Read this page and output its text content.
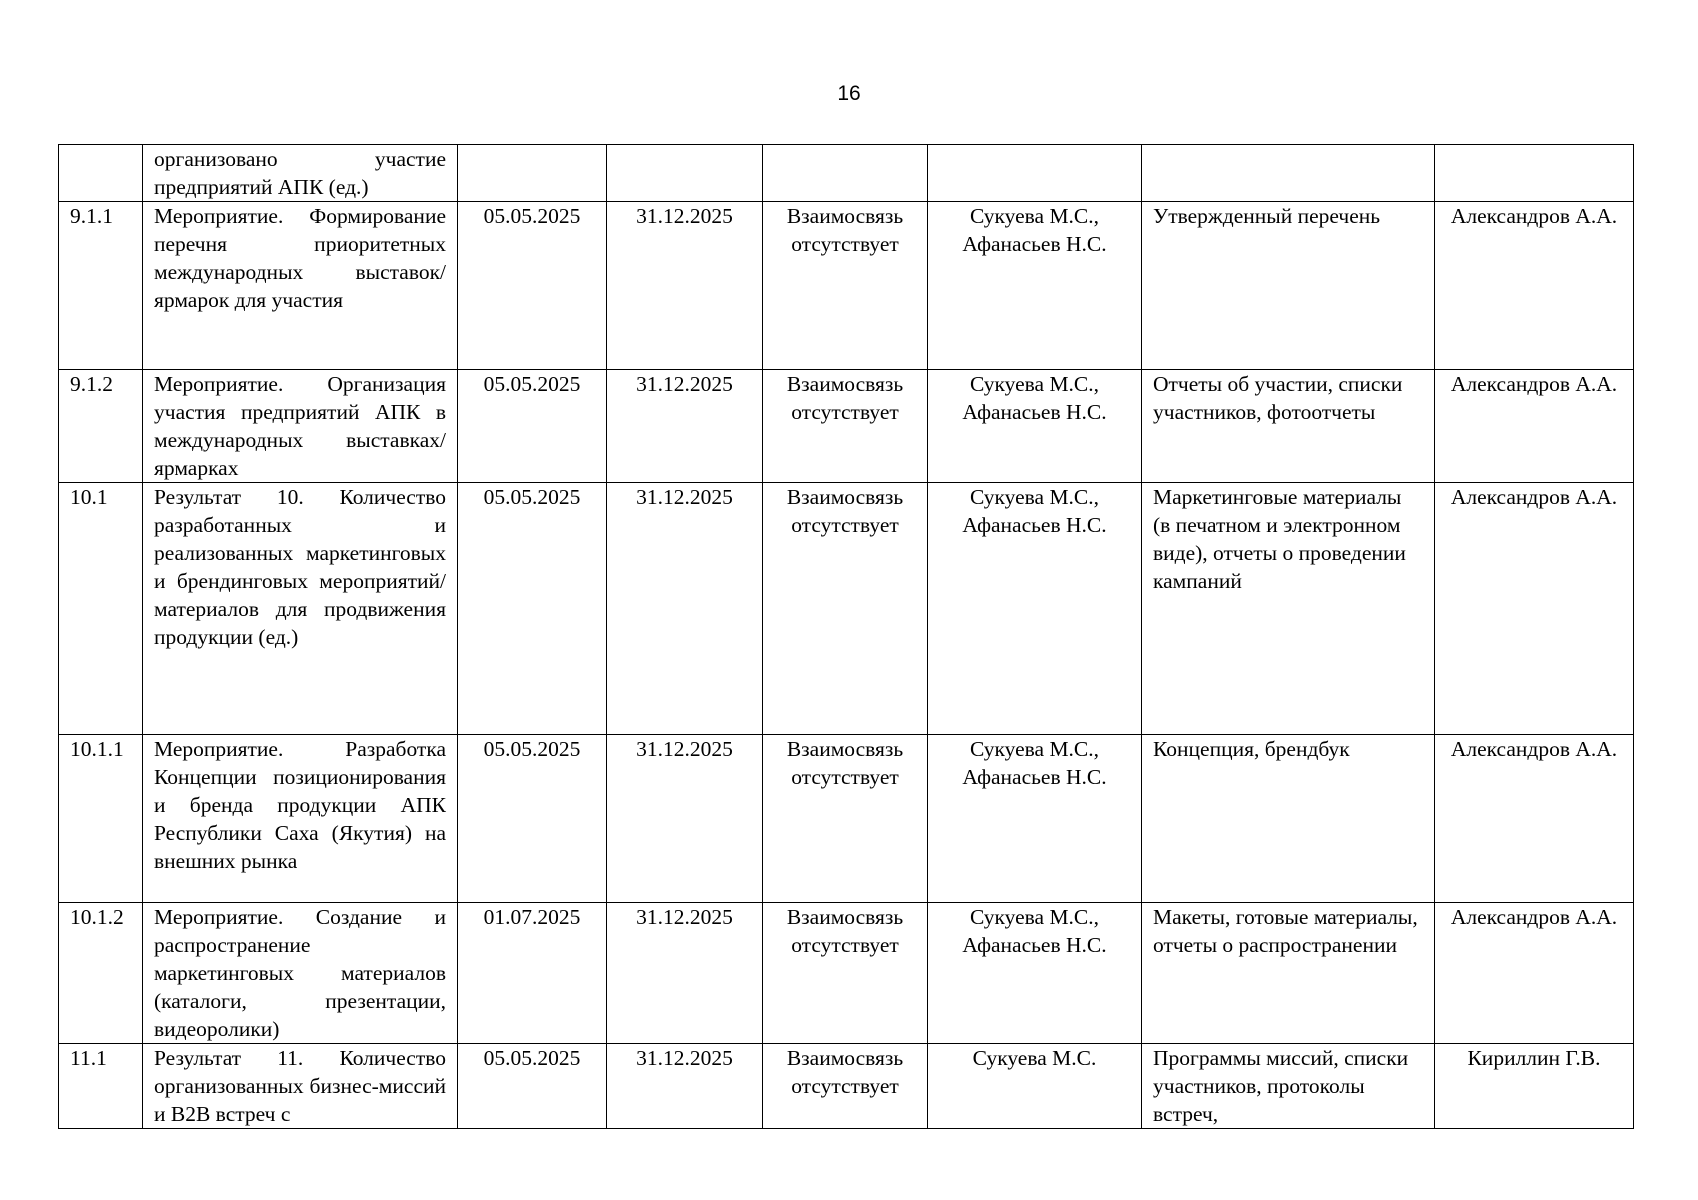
16
	организовано участие предприятий АПК (ед.)						
9.1.1	Мероприятие. Формирование перечня приоритетных международных выставок/ярмарок для участия	05.05.2025	31.12.2025	Взаимосвязь отсутствует	Сукуева М.С., Афанасьев Н.С.	Утвержденный перечень	Александров А.А.
9.1.2	Мероприятие. Организация участия предприятий АПК в международных выставках/ярмарках	05.05.2025	31.12.2025	Взаимосвязь отсутствует	Сукуева М.С., Афанасьев Н.С.	Отчеты об участии, списки участников, фотоотчеты	Александров А.А.
10.1	Результат 10. Количество разработанных и реализованных маркетинговых и брендинговых мероприятий/ материалов для продвижения продукции (ед.)	05.05.2025	31.12.2025	Взаимосвязь отсутствует	Сукуева М.С., Афанасьев Н.С.	Маркетинговые материалы (в печатном и электронном виде), отчеты о проведении кампаний	Александров А.А.
10.1.1	Мероприятие. Разработка Концепции позиционирования и бренда продукции АПК Республики Саха (Якутия) на внешних рынка	05.05.2025	31.12.2025	Взаимосвязь отсутствует	Сукуева М.С., Афанасьев Н.С.	Концепция, брендбук	Александров А.А.
10.1.2	Мероприятие. Создание и распространение маркетинговых материалов (каталоги, презентации, видеоролики)	01.07.2025	31.12.2025	Взаимосвязь отсутствует	Сукуева М.С., Афанасьев Н.С.	Макеты, готовые материалы, отчеты о распространении	Александров А.А.
11.1	Результат 11. Количество организованных бизнес-миссий и B2B встреч с	05.05.2025	31.12.2025	Взаимосвязь отсутствует	Сукуева М.С.	Программы миссий, списки участников, протоколы встреч,	Кириллин Г.В.
